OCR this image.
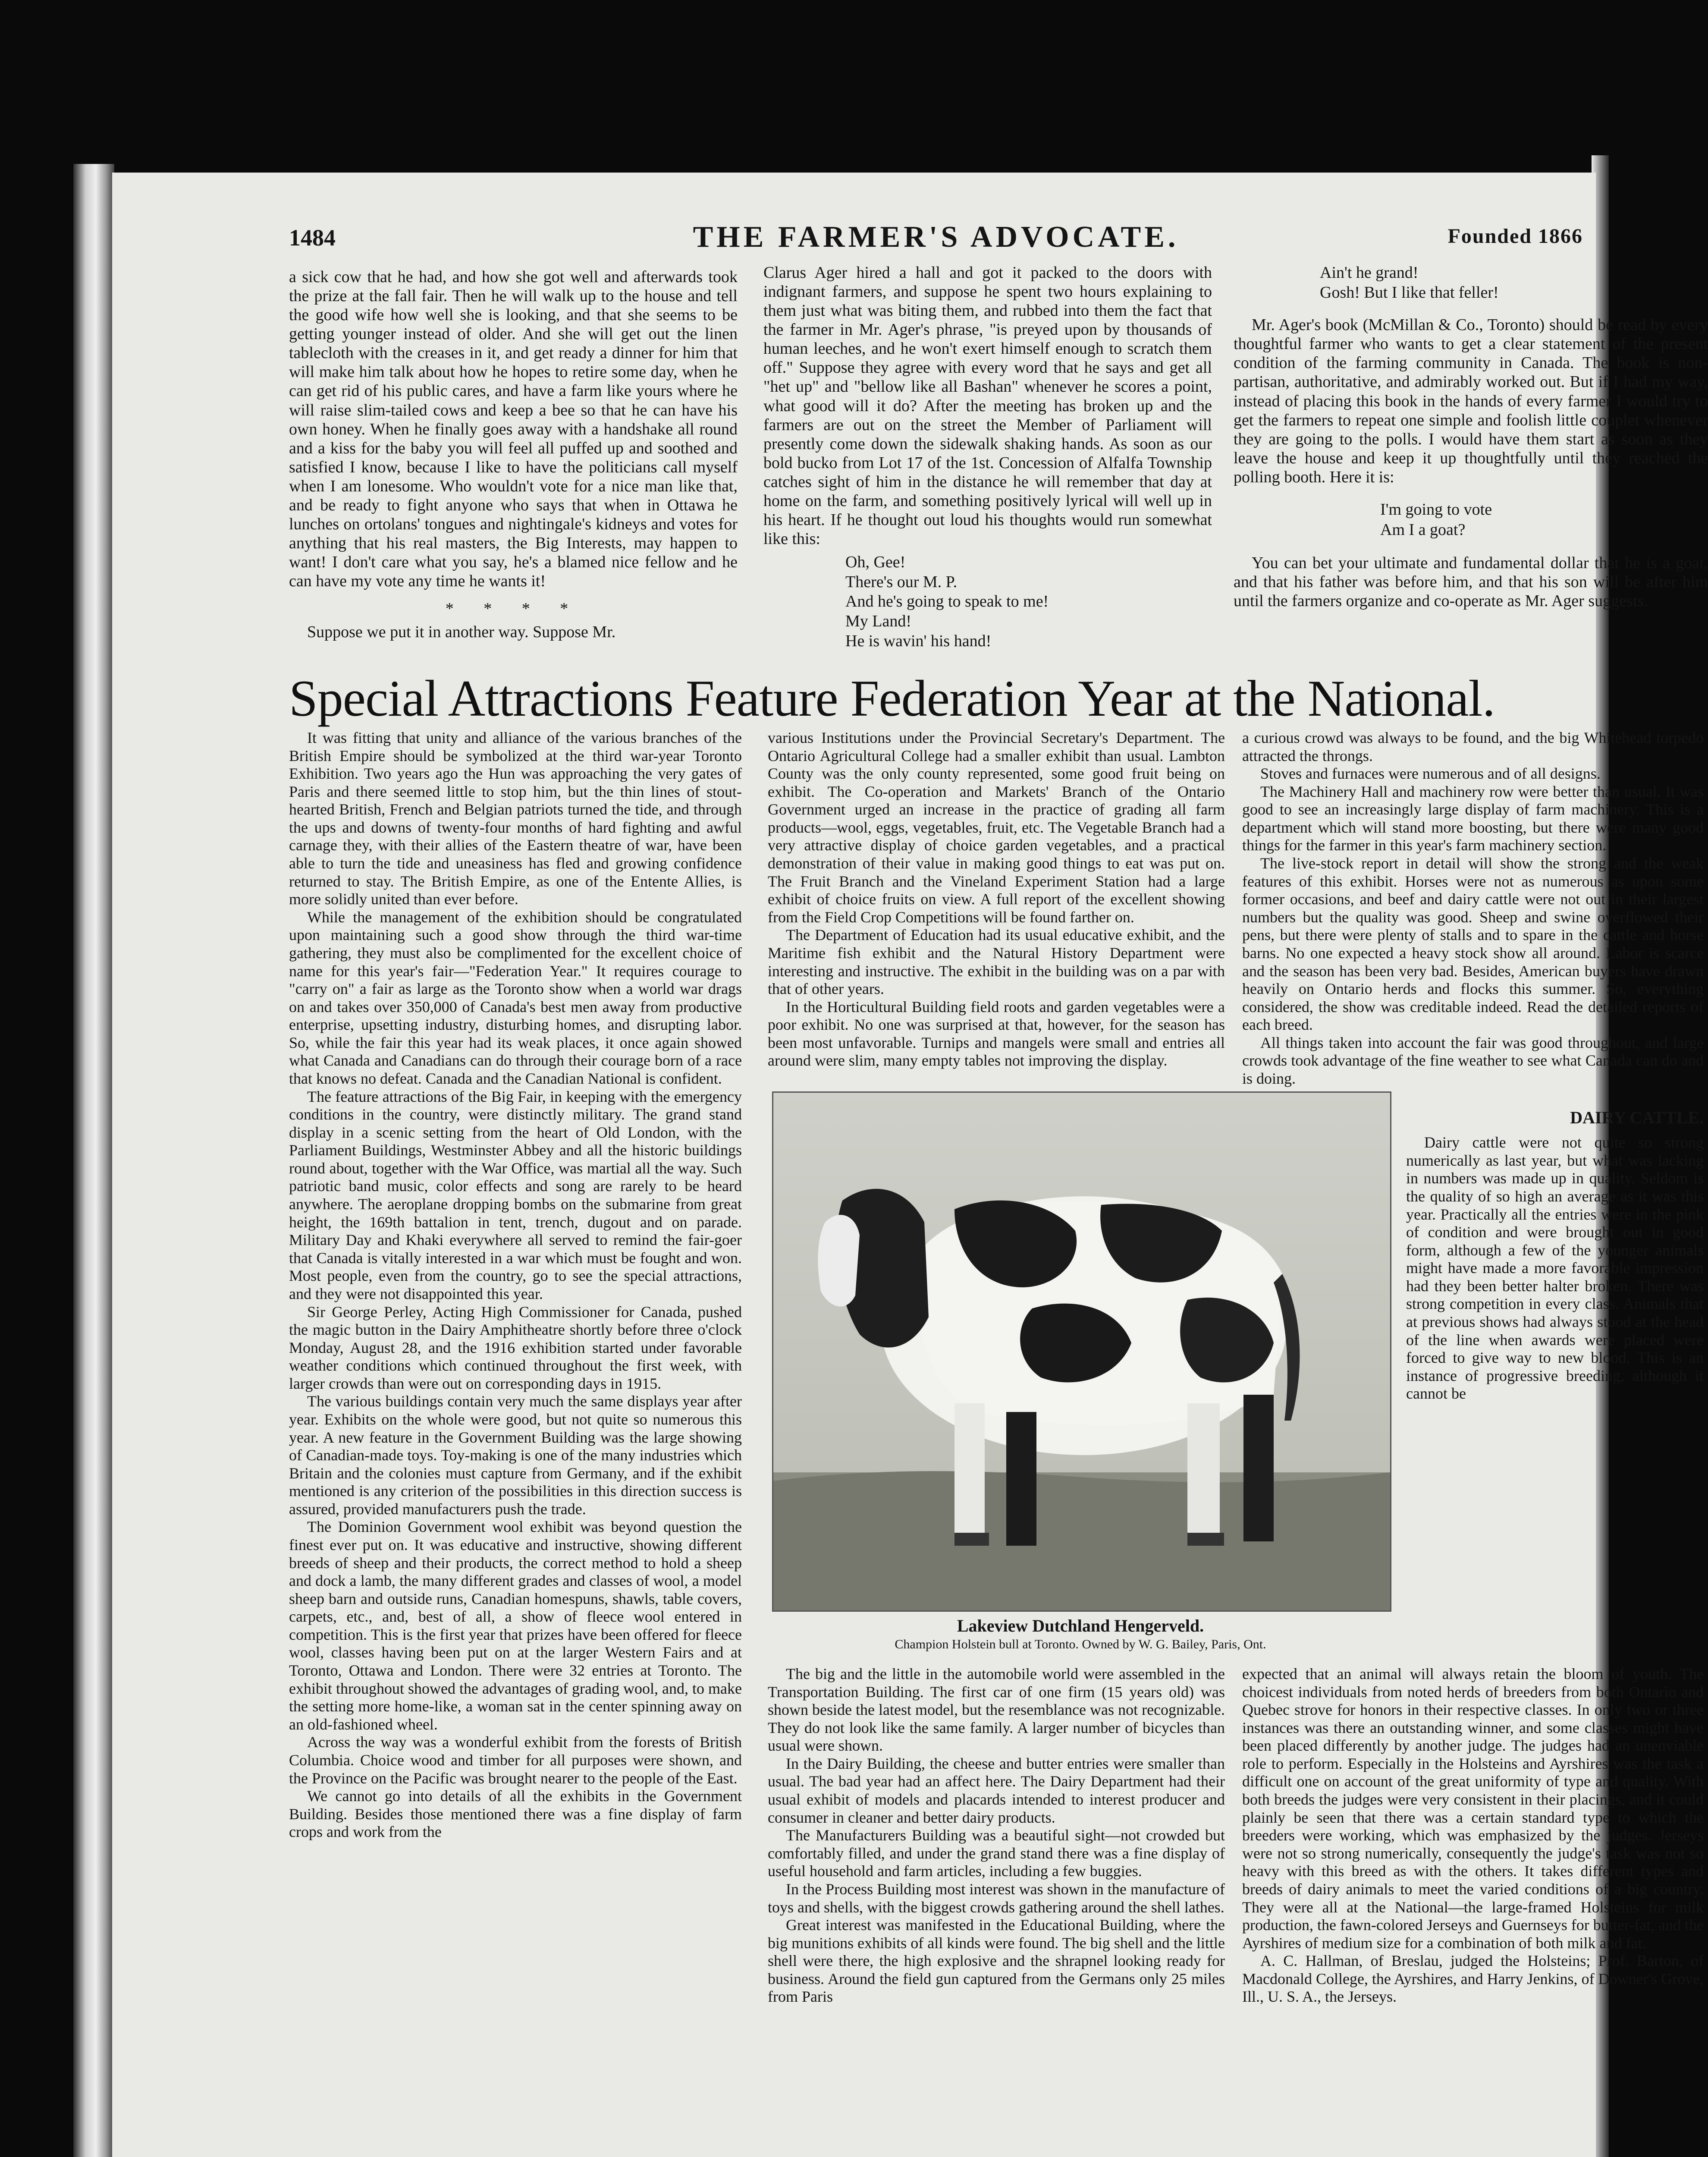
1484	THE FARMER'S ADVOCATE.	Founded 1866

a sick cow that he had, and how she got well and afterwards took the prize at the fall fair. Then he will walk up to the house and tell the good wife how well she is looking, and that she seems to be getting younger instead of older. And she will get out the linen tablecloth with the creases in it, and get ready a dinner for him that will make him talk about how he hopes to retire some day, when he can get rid of his public cares, and have a farm like yours where he will raise slim-tailed cows and keep a bee so that he can have his own honey. When he finally goes away with a handshake all round and a kiss for the baby you will feel all puffed up and soothed and satisfied I know, because I like to have the politicians call myself when I am lonesome. Who wouldn't vote for a nice man like that, and be ready to fight anyone who says that when in Ottawa he lunches on ortolans' tongues and nightingale's kidneys and votes for anything that his real masters, the Big Interests, may happen to want! I don't care what you say, he's a blamed nice fellow and he can have my vote any time he wants it!

* * * *

Suppose we put it in another way. Suppose Mr.

Clarus Ager hired a hall and got it packed to the doors with indignant farmers, and suppose he spent two hours explaining to them just what was biting them, and rubbed into them the fact that the farmer in Mr. Ager's phrase, "is preyed upon by thousands of human leeches, and he won't exert himself enough to scratch them off." Suppose they agree with every word that he says and get all "het up" and "bellow like all Bashan" whenever he scores a point, what good will it do? After the meeting has broken up and the farmers are out on the street the Member of Parliament will presently come down the sidewalk shaking hands. As soon as our bold bucko from Lot 17 of the 1st. Concession of Alfalfa Township catches sight of him in the distance he will remember that day at home on the farm, and something positively lyrical will well up in his heart. If he thought out loud his thoughts would run somewhat like this:

Oh, Gee!
There's our M. P.
And he's going to speak to me!
My Land!
He is wavin' his hand!
Ain't he grand!
Gosh! But I like that feller!

Mr. Ager's book (McMillan & Co., Toronto) should be read by every thoughtful farmer who wants to get a clear statement of the present condition of the farming community in Canada. The book is non-partisan, authoritative, and admirably worked out. But if I had my way, instead of placing this book in the hands of every farmer I would try to get the farmers to repeat one simple and foolish little couplet whenever they are going to the polls. I would have them start as soon as they leave the house and keep it up thoughtfully until they reached the polling booth. Here it is:

I'm going to vote
Am I a goat?

You can bet your ultimate and fundamental dollar that he is a goat, and that his father was before him, and that his son will be after him until the farmers organize and co-operate as Mr. Ager suggests.

Special Attractions Feature Federation Year at the National.

It was fitting that unity and alliance of the various branches of the British Empire should be symbolized at the third war-year Toronto Exhibition. Two years ago the Hun was approaching the very gates of Paris and there seemed little to stop him, but the thin lines of stout-hearted British, French and Belgian patriots turned the tide, and through the ups and downs of twenty-four months of hard fighting and awful carnage they, with their allies of the Eastern theatre of war, have been able to turn the tide and uneasiness has fled and growing confidence returned to stay. The British Empire, as one of the Entente Allies, is more solidly united than ever before.

While the management of the exhibition should be congratulated upon maintaining such a good show through the third war-time gathering, they must also be complimented for the excellent choice of name for this year's fair—"Federation Year." It requires courage to "carry on" a fair as large as the Toronto show when a world war drags on and takes over 350,000 of Canada's best men away from productive enterprise, upsetting industry, disturbing homes, and disrupting labor. So, while the fair this year had its weak places, it once again showed what Canada and Canadians can do through their courage born of a race that knows no defeat. Canada and the Canadian National is confident.

The feature attractions of the Big Fair, in keeping with the emergency conditions in the country, were distinctly military. The grand stand display in a scenic setting from the heart of Old London, with the Parliament Buildings, Westminster Abbey and all the historic buildings round about, together with the War Office, was martial all the way. Such patriotic band music, color effects and song are rarely to be heard anywhere. The aeroplane dropping bombs on the submarine from great height, the 169th battalion in tent, trench, dugout and on parade. Military Day and Khaki everywhere all served to remind the fair-goer that Canada is vitally interested in a war which must be fought and won. Most people, even from the country, go to see the special attractions, and they were not disappointed this year.

Sir George Perley, Acting High Commissioner for Canada, pushed the magic button in the Dairy Amphitheatre shortly before three o'clock Monday, August 28, and the 1916 exhibition started under favorable weather conditions which continued throughout the first week, with larger crowds than were out on corresponding days in 1915.

The various buildings contain very much the same displays year after year. Exhibits on the whole were good, but not quite so numerous this year. A new feature in the Government Building was the large showing of Canadian-made toys. Toy-making is one of the many industries which Britain and the colonies must capture from Germany, and if the exhibit mentioned is any criterion of the possibilities in this direction success is assured, provided manufacturers push the trade.

The Dominion Government wool exhibit was beyond question the finest ever put on. It was educative and instructive, showing different breeds of sheep and their products, the correct method to hold a sheep and dock a lamb, the many different grades and classes of wool, a model sheep barn and outside runs, Canadian homespuns, shawls, table covers, carpets, etc., and, best of all, a show of fleece wool entered in competition. This is the first year that prizes have been offered for fleece wool, classes having been put on at the larger Western Fairs and at Toronto, Ottawa and London. There were 32 entries at Toronto. The exhibit throughout showed the advantages of grading wool, and, to make the setting more home-like, a woman sat in the center spinning away on an old-fashioned wheel.

Across the way was a wonderful exhibit from the forests of British Columbia. Choice wood and timber for all purposes were shown, and the Province on the Pacific was brought nearer to the people of the East.

We cannot go into details of all the exhibits in the Government Building. Besides those mentioned there was a fine display of farm crops and work from the

various Institutions under the Provincial Secretary's Department. The Ontario Agricultural College had a smaller exhibit than usual. Lambton County was the only county represented, some good fruit being on exhibit. The Co-operation and Markets' Branch of the Ontario Government urged an increase in the practice of grading all farm products—wool, eggs, vegetables, fruit, etc. The Vegetable Branch had a very attractive display of choice garden vegetables, and a practical demonstration of their value in making good things to eat was put on. The Fruit Branch and the Vineland Experiment Station had a large exhibit of choice fruits on view. A full report of the excellent showing from the Field Crop Competitions will be found farther on.

The Department of Education had its usual educative exhibit, and the Maritime fish exhibit and the Natural History Department were interesting and instructive. The exhibit in the building was on a par with that of other years.

In the Horticultural Building field roots and garden vegetables were a poor exhibit. No one was surprised at that, however, for the season has been most unfavorable. Turnips and mangels were small and entries all around were slim, many empty tables not improving the display.

Lakeview Dutchland Hengerveld.
Champion Holstein bull at Toronto. Owned by W. G. Bailey, Paris, Ont.

The big and the little in the automobile world were assembled in the Transportation Building. The first car of one firm (15 years old) was shown beside the latest model, but the resemblance was not recognizable. They do not look like the same family. A larger number of bicycles than usual were shown.

In the Dairy Building, the cheese and butter entries were smaller than usual. The bad year had an affect here. The Dairy Department had their usual exhibit of models and placards intended to interest producer and consumer in cleaner and better dairy products.

The Manufacturers Building was a beautiful sight—not crowded but comfortably filled, and under the grand stand there was a fine display of useful household and farm articles, including a few buggies.

In the Process Building most interest was shown in the manufacture of toys and shells, with the biggest crowds gathering around the shell lathes.

Great interest was manifested in the Educational Building, where the big munitions exhibits of all kinds were found. The big shell and the little shell were there, the high explosive and the shrapnel looking ready for business. Around the field gun captured from the Germans only 25 miles from Paris

a curious crowd was always to be found, and the big Whitehead torpedo attracted the throngs.

Stoves and furnaces were numerous and of all designs.

The Machinery Hall and machinery row were better than usual. It was good to see an increasingly large display of farm machinery. This is a department which will stand more boosting, but there were many good things for the farmer in this year's farm machinery section.

The live-stock report in detail will show the strong and the weak features of this exhibit. Horses were not as numerous as upon some former occasions, and beef and dairy cattle were not out in their largest numbers but the quality was good. Sheep and swine overflowed their pens, but there were plenty of stalls and to spare in the cattle and horse barns. No one expected a heavy stock show all around. Labor is scarce and the season has been very bad. Besides, American buyers have drawn heavily on Ontario herds and flocks this summer. So, everything considered, the show was creditable indeed. Read the detailed reports of each breed.

All things taken into account the fair was good throughout, and large crowds took advantage of the fine weather to see what Canada can do and is doing.

DAIRY CATTLE.

Dairy cattle were not quite so strong numerically as last year, but what was lacking in numbers was made up in quality. Seldom is the quality of so high an average as it was this year. Practically all the entries were in the pink of condition and were brought out in good form, although a few of the younger animals might have made a more favorable impression had they been better halter broken. There was strong competition in every class. Animals that at previous shows had always stood at the head of the line when awards were placed were forced to give way to new blood. This is an instance of progressive breeding, although it cannot be

expected that an animal will always retain the bloom of youth. The choicest individuals from noted herds of breeders from both Ontario and Quebec strove for honors in their respective classes. In only two or three instances was there an outstanding winner, and some classes might have been placed differently by another judge. The judges had an unenviable role to perform. Especially in the Holsteins and Ayrshires was the task a difficult one on account of the great uniformity of type and quality. With both breeds the judges were very consistent in their placings, and it could plainly be seen that there was a certain standard type to which the breeders were working, which was emphasized by the judges. Jerseys were not so strong numerically, consequently the judge's task was not so heavy with this breed as with the others. It takes different types and breeds of dairy animals to meet the varied conditions of a big country. They were all at the National—the large-framed Holsteins for milk production, the fawn-colored Jerseys and Guernseys for butter-fat, and the Ayrshires of medium size for a combination of both milk and fat.

A. C. Hallman, of Breslau, judged the Holsteins; Prof. Barton, of Macdonald College, the Ayrshires, and Harry Jenkins, of Downer's Grove, Ill., U. S. A., the Jerseys.
